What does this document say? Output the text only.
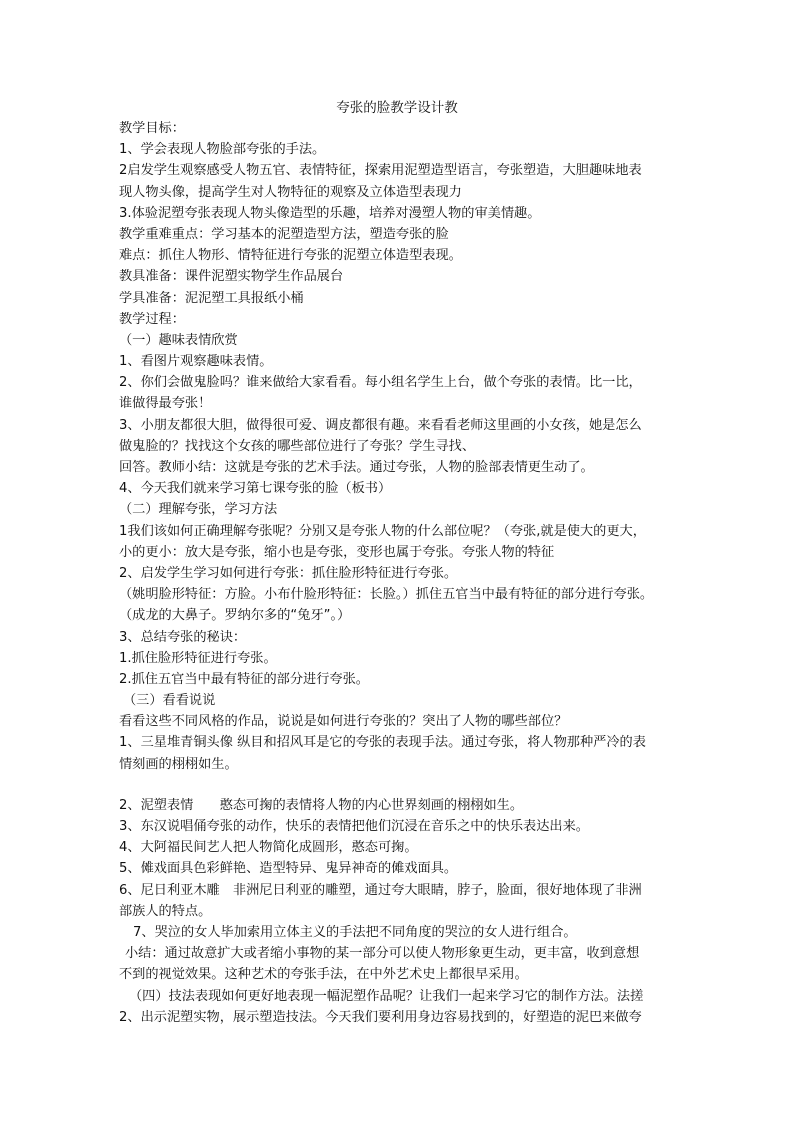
夸张的脸教学设计教
教学目标：
1、学会表现人物脸部夸张的手法。
2启发学生观察感受人物五官、表情特征，探索用泥塑造型语言，夸张塑造，大胆趣味地表
现人物头像，提高学生对人物特征的观察及立体造型表现力
3.体验泥塑夸张表现人物头像造型的乐趣，培养对漫塑人物的审美情趣。
教学重难重点：学习基本的泥塑造型方法，塑造夸张的脸
难点：抓住人物形、情特征进行夸张的泥塑立体造型表现。
教具准备：课件泥塑实物学生作品展台
学具准备：泥泥塑工具报纸小桶
教学过程：
（一）趣味表情欣赏
1、看图片观察趣味表情。
2、你们会做鬼脸吗？谁来做给大家看看。每小组名学生上台，做个夸张的表情。比一比，
谁做得最夸张！
3、小朋友都很大胆，做得很可爱、调皮都很有趣。来看看老师这里画的小女孩，她是怎么
做鬼脸的？找找这个女孩的哪些部位进行了夸张？学生寻找、
回答。教师小结：这就是夸张的艺术手法。通过夸张，人物的脸部表情更生动了。
4、今天我们就来学习第七课夸张的脸（板书）
（二）理解夸张，学习方法
1我们该如何正确理解夸张呢？分别又是夸张人物的什么部位呢？（夸张,就是使大的更大，
小的更小：放大是夸张，缩小也是夸张，变形也属于夸张。夸张人物的特征
2、启发学生学习如何进行夸张：抓住脸形特征进行夸张。
（姚明脸形特征：方脸。小布什脸形特征：长脸。）抓住五官当中最有特征的部分进行夸张。
（成龙的大鼻子。罗纳尔多的“兔牙”。）
3、总结夸张的秘诀：
1.抓住脸形特征进行夸张。
2.抓住五官当中最有特征的部分进行夸张。
（三）看看说说
看看这些不同风格的作品，说说是如何进行夸张的？突出了人物的哪些部位？
1、三星堆青铜头像 纵目和招风耳是它的夸张的表现手法。通过夸张，将人物那种严冷的表
情刻画的栩栩如生。
2、泥塑表情　　憨态可掬的表情将人物的内心世界刻画的栩栩如生。
3、东汉说唱俑夸张的动作，快乐的表情把他们沉浸在音乐之中的快乐表达出来。
4、大阿福民间艺人把人物简化成圆形，憨态可掬。
5、傩戏面具色彩鲜艳、造型特异、鬼异神奇的傩戏面具。
6、尼日利亚木雕　非洲尼日利亚的雕塑，通过夸大眼睛，脖子，脸面，很好地体现了非洲
部族人的特点。
7、哭泣的女人毕加索用立体主义的手法把不同角度的哭泣的女人进行组合。
小结：通过故意扩大或者缩小事物的某一部分可以使人物形象更生动，更丰富，收到意想
不到的视觉效果。这种艺术的夸张手法，在中外艺术史上都很早采用。
（四）技法表现如何更好地表现一幅泥塑作品呢？让我们一起来学习它的制作方法。法搓
2、出示泥塑实物，展示塑造技法。今天我们要利用身边容易找到的，好塑造的泥巴来做夸
